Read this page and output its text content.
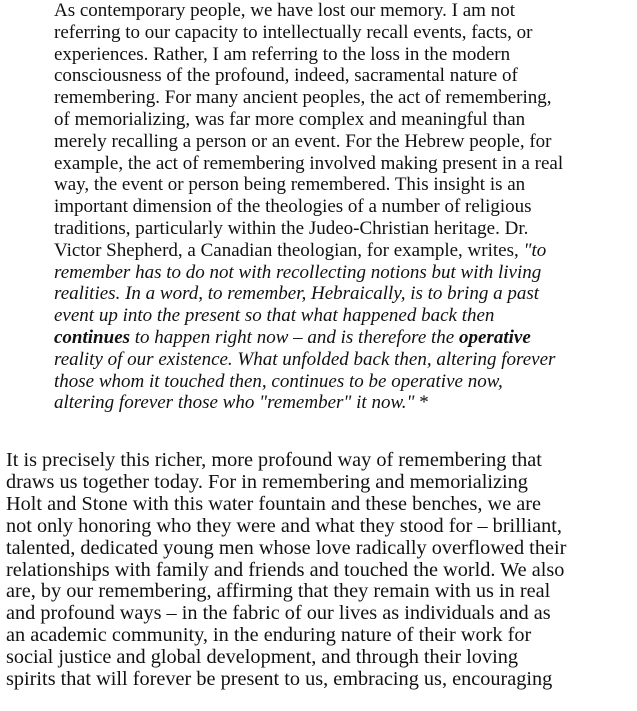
As contemporary people, we have lost our memory. I am not
referring to our capacity to intellectually recall events, facts, or
experiences. Rather, I am referring to the loss in the modern
consciousness of the profound, indeed, sacramental nature of
remembering. For many ancient peoples, the act of remembering,
of memorializing, was far more complex and meaningful than
merely recalling a person or an event. For the Hebrew people, for
example, the act of remembering involved making present in a real
way, the event or person being remembered. This insight is an
important dimension of the theologies of a number of religious
traditions, particularly within the Judeo-Christian heritage. Dr.
Victor Shepherd, a Canadian theologian, for example, writes, "to
remember has to do not with recollecting notions but with living
realities. In a word, to remember, Hebraically, is to bring a past
event up into the present so that what happened back then
continues to happen right now – and is therefore the operative
reality of our existence. What unfolded back then, altering forever
those whom it touched then, continues to be operative now,
altering forever those who "remember" it now." *
It is precisely this richer, more profound way of remembering that
draws us together today. For in remembering and memorializing
Holt and Stone with this water fountain and these benches, we are
not only honoring who they were and what they stood for – brilliant,
talented, dedicated young men whose love radically overflowed their
relationships with family and friends and touched the world. We also
are, by our remembering, affirming that they remain with us in real
and profound ways – in the fabric of our lives as individuals and as
an academic community, in the enduring nature of their work for
social justice and global development, and through their loving
spirits that will forever be present to us, embracing us, encouraging
